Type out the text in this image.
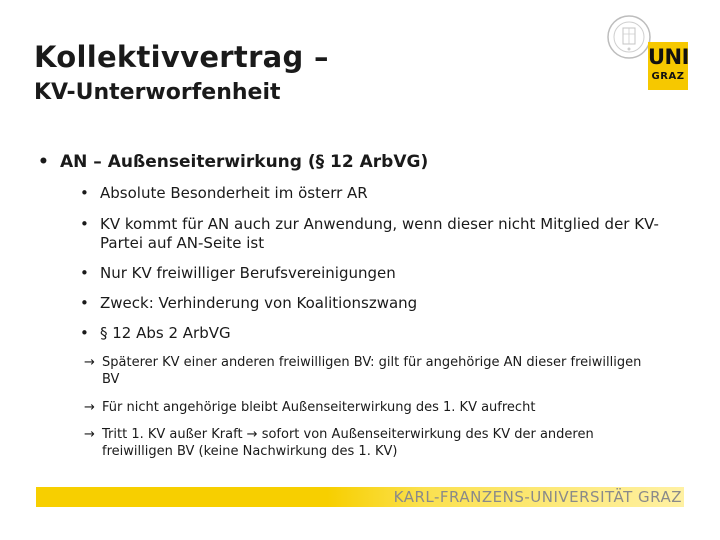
Kollektivvertrag –
KV-Unterworfenheit
UNI
GRAZ
• AN – Außenseiterwirkung (§ 12 ArbVG)
• Absolute Besonderheit im österr AR
• KV kommt für AN auch zur Anwendung, wenn dieser nicht Mitglied der KV-Partei auf AN-Seite ist
• Nur KV freiwilliger Berufsvereinigungen
• Zweck: Verhinderung von Koalitionszwang
• § 12 Abs 2 ArbVG
→ Späterer KV einer anderen freiwilligen BV: gilt für angehörige AN dieser freiwilligen BV
→ Für nicht angehörige bleibt Außenseiterwirkung des 1. KV aufrecht
→ Tritt 1. KV außer Kraft → sofort von Außenseiterwirkung des KV der anderen freiwilligen BV (keine Nachwirkung des 1. KV)
KARL-FRANZENS-UNIVERSITÄT GRAZ
